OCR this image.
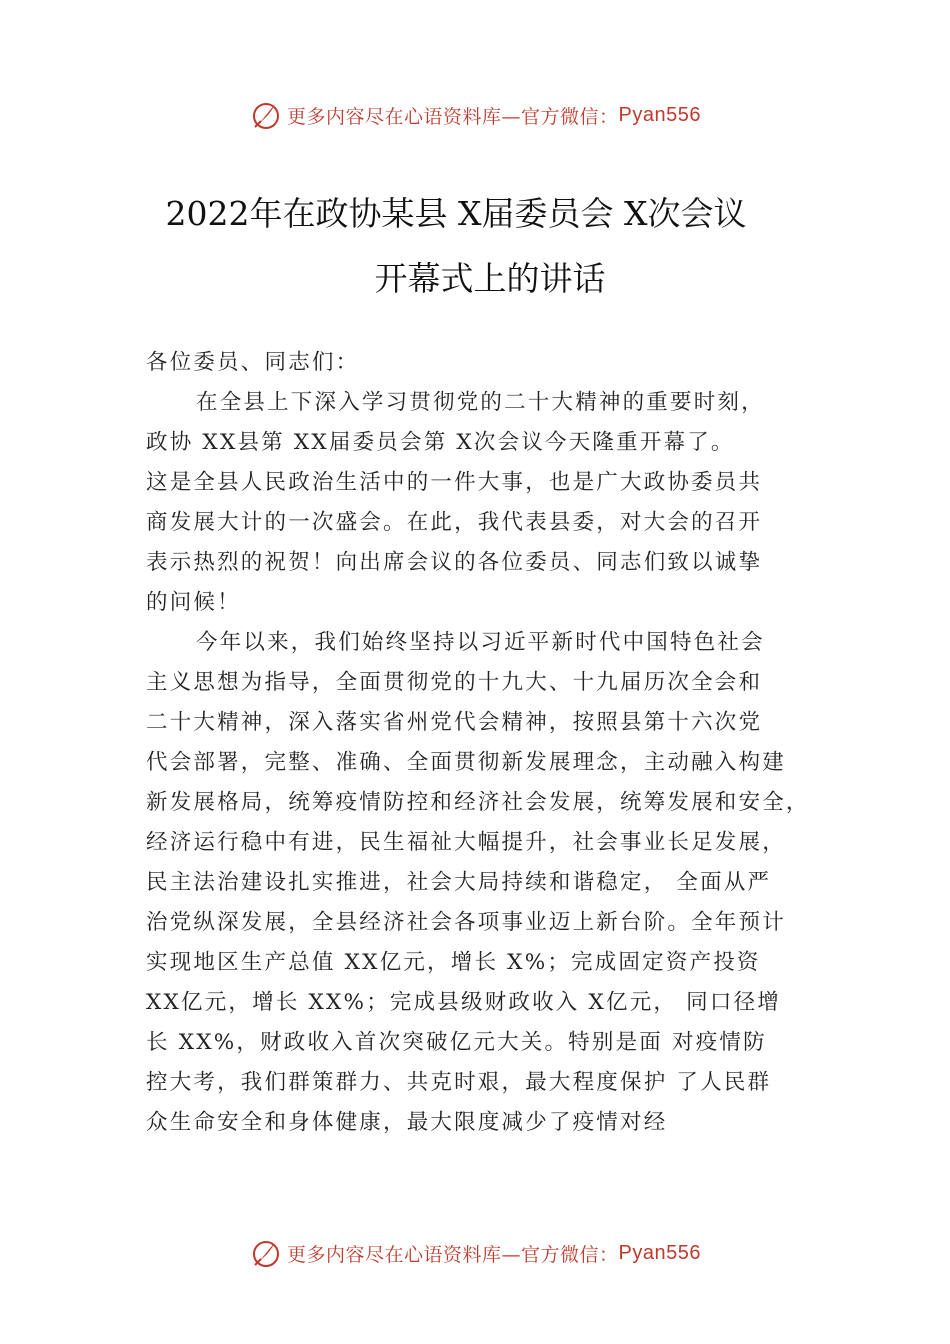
更多内容尽在心语资料库—官方微信： Pyan556
2022年在政协某县 X届委员会 X次会议
开幕式上的讲话
各位委员、同志们：
在全县上下深入学习贯彻党的二十大精神的重要时刻，
政协 XX县第 XX届委员会第 X次会议今天隆重开幕了。
这是全县人民政治生活中的一件大事，也是广大政协委员共
商发展大计的一次盛会。在此，我代表县委，对大会的召开
表示热烈的祝贺！向出席会议的各位委员、同志们致以诚挚
的问候！
今年以来，我们始终坚持以习近平新时代中国特色社会
主义思想为指导，全面贯彻党的十九大、十九届历次全会和
二十大精神，深入落实省州党代会精神，按照县第十六次党
代会部署，完整、准确、全面贯彻新发展理念，主动融入构建
新发展格局，统筹疫情防控和经济社会发展，统筹发展和安全，
经济运行稳中有进，民生福祉大幅提升，社会事业长足发展，
民主法治建设扎实推进，社会大局持续和谐稳定， 全面从严
治党纵深发展，全县经济社会各项事业迈上新台阶。全年预计
实现地区生产总值 XX亿元，增长 X%；完成固定资产投资
XX亿元，增长 XX%；完成县级财政收入 X亿元， 同口径增
长 XX%，财政收入首次突破亿元大关。特别是面 对疫情防
控大考，我们群策群力、共克时艰，最大程度保护 了人民群
众生命安全和身体健康，最大限度减少了疫情对经
更多内容尽在心语资料库—官方微信： Pyan556
